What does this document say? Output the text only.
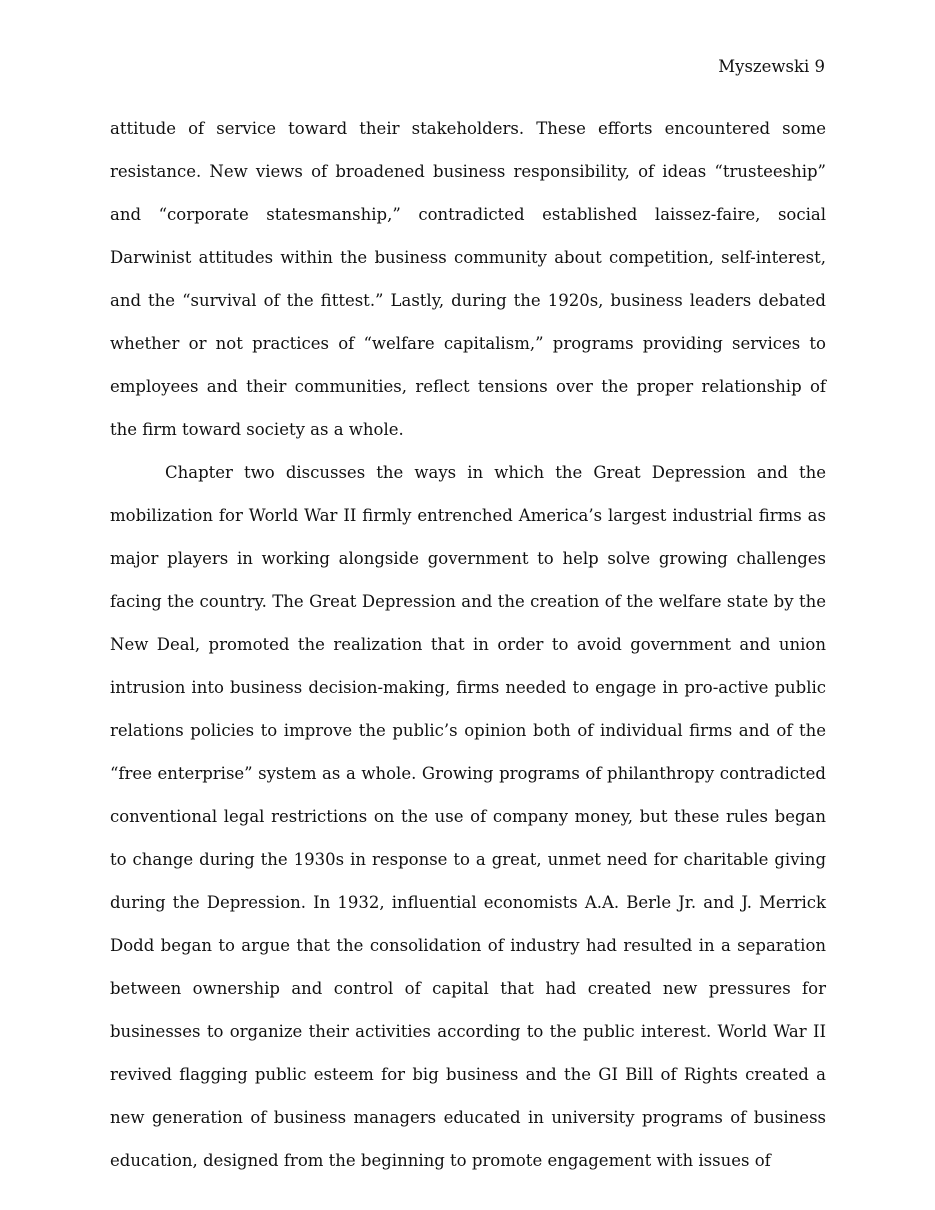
Myszewski 9

attitude of service toward their stakeholders. These efforts encountered some resistance. New views of broadened business responsibility, of ideas “trusteeship” and “corporate statesmanship,” contradicted established laissez-faire, social Darwinist attitudes within the business community about competition, self-interest, and the “survival of the fittest.” Lastly, during the 1920s, business leaders debated whether or not practices of “welfare capitalism,” programs providing services to employees and their communities, reflect tensions over the proper relationship of the firm toward society as a whole.

Chapter two discusses the ways in which the Great Depression and the mobilization for World War II firmly entrenched America’s largest industrial firms as major players in working alongside government to help solve growing challenges facing the country. The Great Depression and the creation of the welfare state by the New Deal, promoted the realization that in order to avoid government and union intrusion into business decision-making, firms needed to engage in pro-active public relations policies to improve the public’s opinion both of individual firms and of the “free enterprise” system as a whole. Growing programs of philanthropy contradicted conventional legal restrictions on the use of company money, but these rules began to change during the 1930s in response to a great, unmet need for charitable giving during the Depression. In 1932, influential economists A.A. Berle Jr. and J. Merrick Dodd began to argue that the consolidation of industry had resulted in a separation between ownership and control of capital that had created new pressures for businesses to organize their activities according to the public interest. World War II revived flagging public esteem for big business and the GI Bill of Rights created a new generation of business managers educated in university programs of business education, designed from the beginning to promote engagement with issues of
